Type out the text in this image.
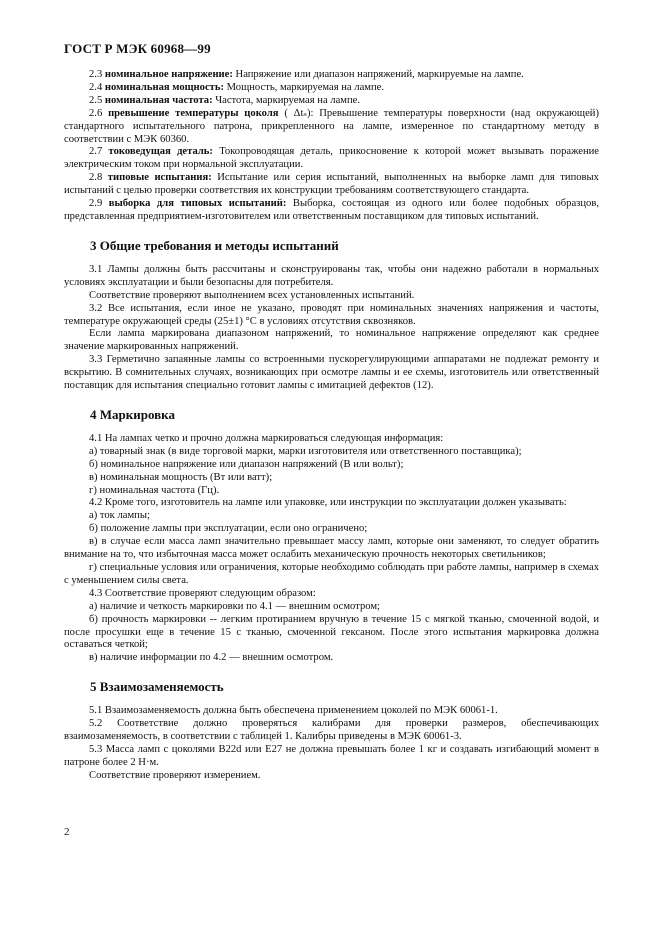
ГОСТ Р МЭК 60968—99

2.3 номинальное напряжение: Напряжение или диапазон напряжений, маркируемые на лампе.

2.4 номинальная мощность: Мощность, маркируемая на лампе.

2.5 номинальная частота: Частота, маркируемая на лампе.

2.6 превышение температуры цоколя ( Δtₛ): Превышение температуры поверхности (над окружающей) стандартного испытательного патрона, прикрепленного на лампе, измеренное по стандартному методу в соответствии с МЭК 60360.

2.7 токоведущая деталь: Токопроводящая деталь, прикосновение к которой может вызывать поражение электрическим током при нормальной эксплуатации.

2.8 типовые испытания: Испытание или серия испытаний, выполненных на выборке ламп для типовых испытаний с целью проверки соответствия их конструкции требованиям соответствующего стандарта.

2.9 выборка для типовых испытаний: Выборка, состоящая из одного или более подобных образцов, представленная предприятием-изготовителем или ответственным поставщиком для типовых испытаний.

3 Общие требования и методы испытаний

3.1 Лампы должны быть рассчитаны и сконструированы так, чтобы они надежно работали в нормальных условиях эксплуатации и были безопасны для потребителя.

Соответствие проверяют выполнением всех установленных испытаний.

3.2 Все испытания, если иное не указано, проводят при номинальных значениях напряжения и частоты, температуре окружающей среды (25±1) °С в условиях отсутствия сквозняков.

Если лампа маркирована диапазоном напряжений, то номинальное напряжение определяют как среднее значение маркированных напряжений.

3.3 Герметично запаянные лампы со встроенными пускорегулирующими аппаратами не подлежат ремонту и вскрытию. В сомнительных случаях, возникающих при осмотре лампы и ее схемы, изготовитель или ответственный поставщик для испытания специально готовит лампы с имитацией дефектов (12).

4 Маркировка

4.1 На лампах четко и прочно должна маркироваться следующая информация:

а) товарный знак (в виде торговой марки, марки изготовителя или ответственного поставщика);

б) номинальное напряжение или диапазон напряжений (В или вольт);

в) номинальная мощность (Вт или ватт);

г) номинальная частота (Гц).

4.2 Кроме того, изготовитель на лампе или упаковке, или инструкции по эксплуатации должен указывать:

а) ток лампы;

б) положение лампы при эксплуатации, если оно ограничено;

в) в случае если масса ламп значительно превышает массу ламп, которые они заменяют, то следует обратить внимание на то, что избыточная масса может ослабить механическую прочность некоторых светильников;

г) специальные условия или ограничения, которые необходимо соблюдать при работе лампы, например в схемах с уменьшением силы света.

4.3 Соответствие проверяют следующим образом:

а) наличие и четкость маркировки по 4.1 — внешним осмотром;

б) прочность маркировки -- легким протиранием вручную в течение 15 с мягкой тканью, смоченной водой, и после просушки еще в течение 15 с тканью, смоченной гексаном. После этого испытания маркировка должна оставаться четкой;

в) наличие информации по 4.2 — внешним осмотром.

5 Взаимозаменяемость

5.1 Взаимозаменяемость должна быть обеспечена применением цоколей по МЭК 60061-1.

5.2 Соответствие должно проверяться калибрами для проверки размеров, обеспечивающих взаимозаменяемость, в соответствии с таблицей 1. Калибры приведены в МЭК 60061-3.

5.3 Масса ламп с цоколями B22d или E27 не должна превышать более 1 кг и создавать изгибающий момент в патроне более 2 Н·м.

Соответствие проверяют измерением.

2
